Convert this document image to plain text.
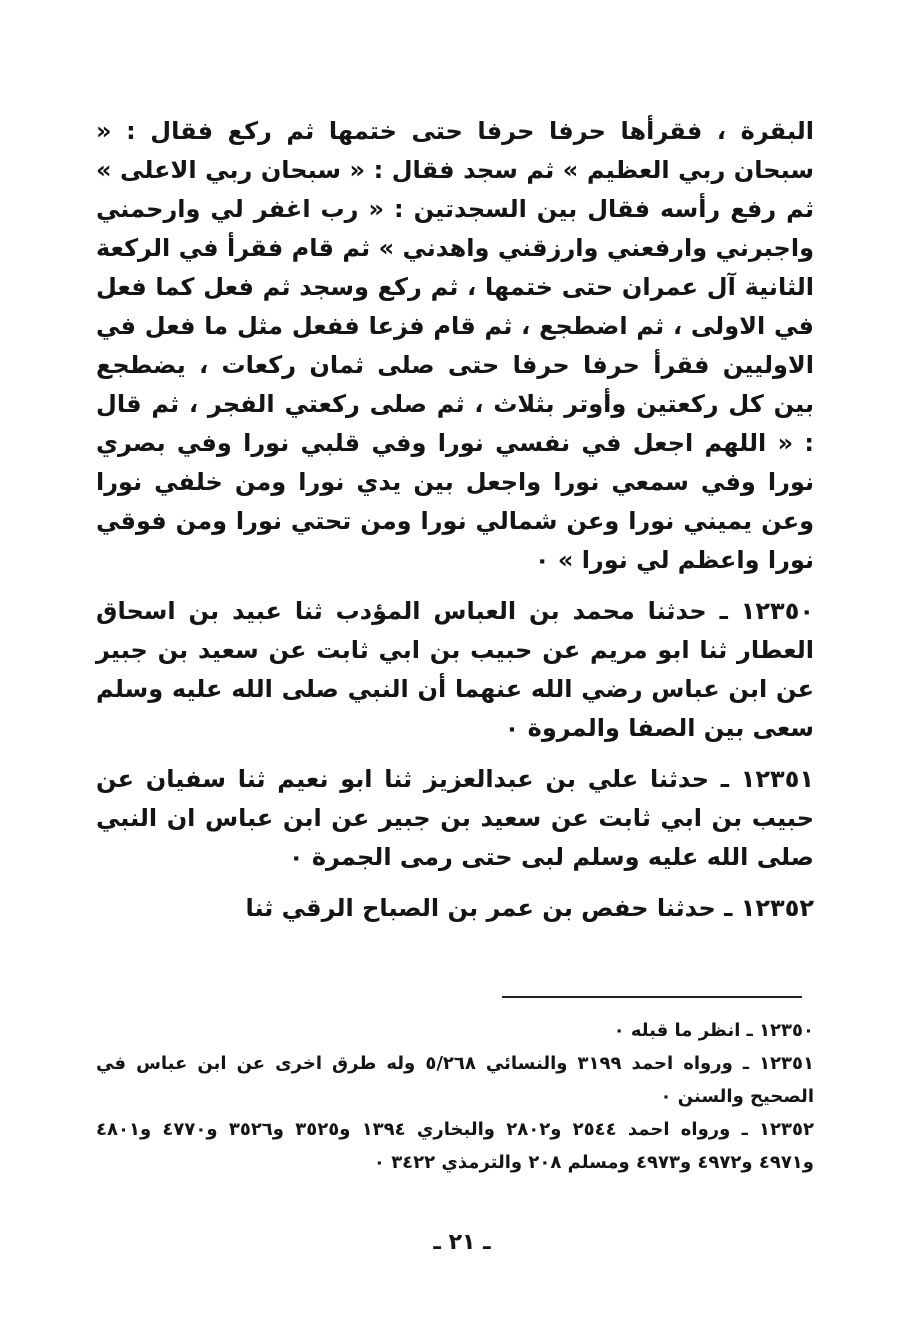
البقرة ، فقرأها حرفا حرفا حتى ختمها ثم ركع فقال : « سبحان ربي العظيم » ثم سجد فقال : « سبحان ربي الاعلى » ثم رفع رأسه فقال بين السجدتين : « رب اغفر لي وارحمني واجبرني وارفعني وارزقني واهدني » ثم قام فقرأ في الركعة الثانية آل عمران حتى ختمها ، ثم ركع وسجد ثم فعل كما فعل في الاولى ، ثم اضطجع ، ثم قام فزعا ففعل مثل ما فعل في الاوليين فقرأ حرفا حرفا حتى صلى ثمان ركعات ، يضطجع بين كل ركعتين وأوتر بثلاث ، ثم صلى ركعتي الفجر ، ثم قال : « اللهم اجعل في نفسي نورا وفي قلبي نورا وفي بصري نورا وفي سمعي نورا واجعل بين يدي نورا ومن خلفي نورا وعن يميني نورا وعن شمالي نورا ومن تحتي نورا ومن فوقي نورا واعظم لي نورا » ٠

١٢٣٥٠ ـ حدثنا محمد بن العباس المؤدب ثنا عبيد بن اسحاق العطار ثنا ابو مريم عن حبيب بن ابي ثابت عن سعيد بن جبير عن ابن عباس رضي الله عنهما أن النبي صلى الله عليه وسلم سعى بين الصفا والمروة ٠

١٢٣٥١ ـ حدثنا علي بن عبدالعزيز ثنا ابو نعيم ثنا سفيان عن حبيب بن ابي ثابت عن سعيد بن جبير عن ابن عباس ان النبي صلى الله عليه وسلم لبى حتى رمى الجمرة ٠

١٢٣٥٢ ـ حدثنا حفص بن عمر بن الصباح الرقي ثنا

١٢٣٥٠ ـ انظر ما قبله ٠

١٢٣٥١ ـ ورواه احمد ٣١٩٩ والنسائي ٥/٢٦٨ وله طرق اخرى عن ابن عباس في الصحيح والسنن ٠

١٢٣٥٢ ـ ورواه احمد ٢٥٤٤ و٢٨٠٢ والبخاري ١٣٩٤ و٣٥٢٥ و٣٥٢٦ و٤٧٧٠ و٤٨٠١ و٤٩٧١ و٤٩٧٢ و٤٩٧٣ ومسلم ٢٠٨ والترمذي ٣٤٢٢ ٠

ـ ٢١ ـ
